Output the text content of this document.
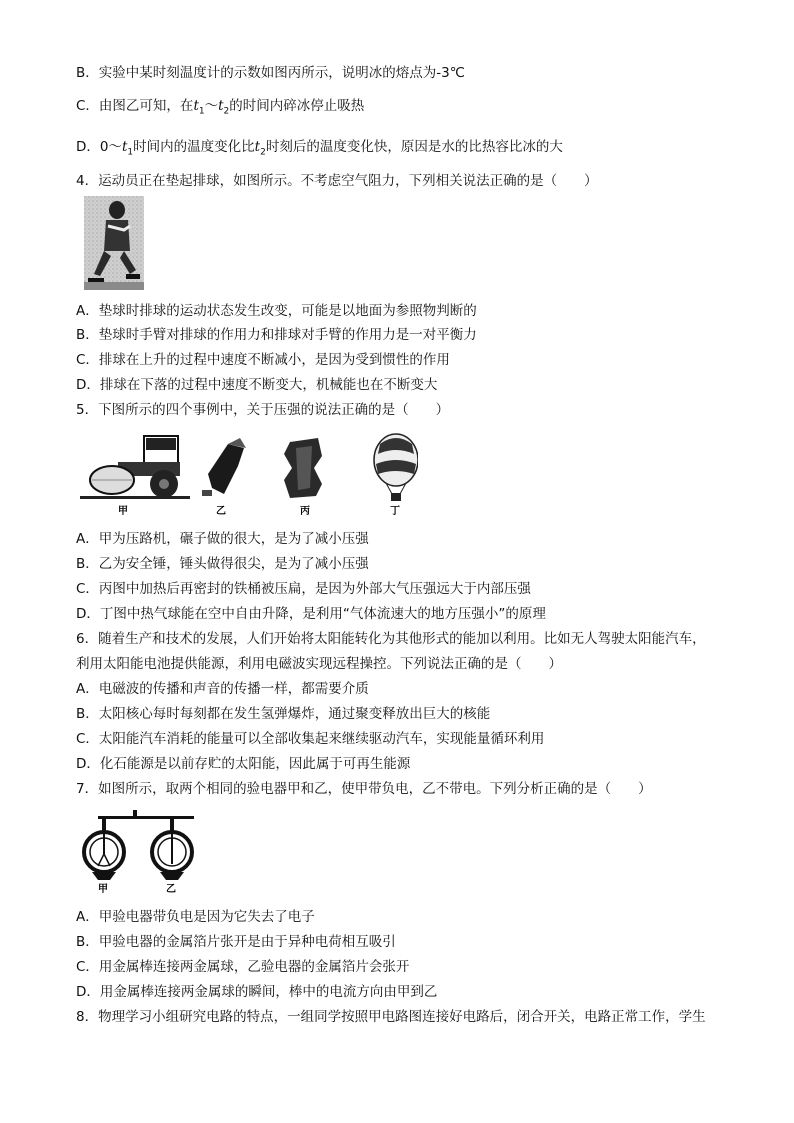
B．实验中某时刻温度计的示数如图丙所示，说明冰的熔点为-3℃
C．由图乙可知，在$t_1\sim t_2$的时间内碎冰停止吸热
D．$0\sim t_1$时间内的温度变化比$t_2$时刻后的温度变化快，原因是水的比热容比冰的大
4．运动员正在垫起排球，如图所示。不考虑空气阻力，下列相关说法正确的是（　　）
A．垫球时排球的运动状态发生改变，可能是以地面为参照物判断的
B．垫球时手臂对排球的作用力和排球对手臂的作用力是一对平衡力
C．排球在上升的过程中速度不断减小，是因为受到惯性的作用
D．排球在下落的过程中速度不断变大，机械能也在不断变大
5．下图所示的四个事例中，关于压强的说法正确的是（　　）
甲	乙	丙	丁
A．甲为压路机，碾子做的很大，是为了减小压强
B．乙为安全锤，锤头做得很尖，是为了减小压强
C．丙图中加热后再密封的铁桶被压扁，是因为外部大气压强远大于内部压强
D．丁图中热气球能在空中自由升降，是利用“气体流速大的地方压强小”的原理
6．随着生产和技术的发展，人们开始将太阳能转化为其他形式的能加以利用。比如无人驾驶太阳能汽车，
利用太阳能电池提供能源，利用电磁波实现远程操控。下列说法正确的是（　　）
A．电磁波的传播和声音的传播一样，都需要介质
B．太阳核心每时每刻都在发生氢弹爆炸，通过聚变释放出巨大的核能
C．太阳能汽车消耗的能量可以全部收集起来继续驱动汽车，实现能量循环利用
D．化石能源是以前存贮的太阳能，因此属于可再生能源
7．如图所示，取两个相同的验电器甲和乙，使甲带负电，乙不带电。下列分析正确的是（　　）
甲	乙
A．甲验电器带负电是因为它失去了电子
B．甲验电器的金属箔片张开是由于异种电荷相互吸引
C．用金属棒连接两金属球，乙验电器的金属箔片会张开
D．用金属棒连接两金属球的瞬间，棒中的电流方向由甲到乙
8．物理学习小组研究电路的特点，一组同学按照甲电路图连接好电路后，闭合开关，电路正常工作，学生
